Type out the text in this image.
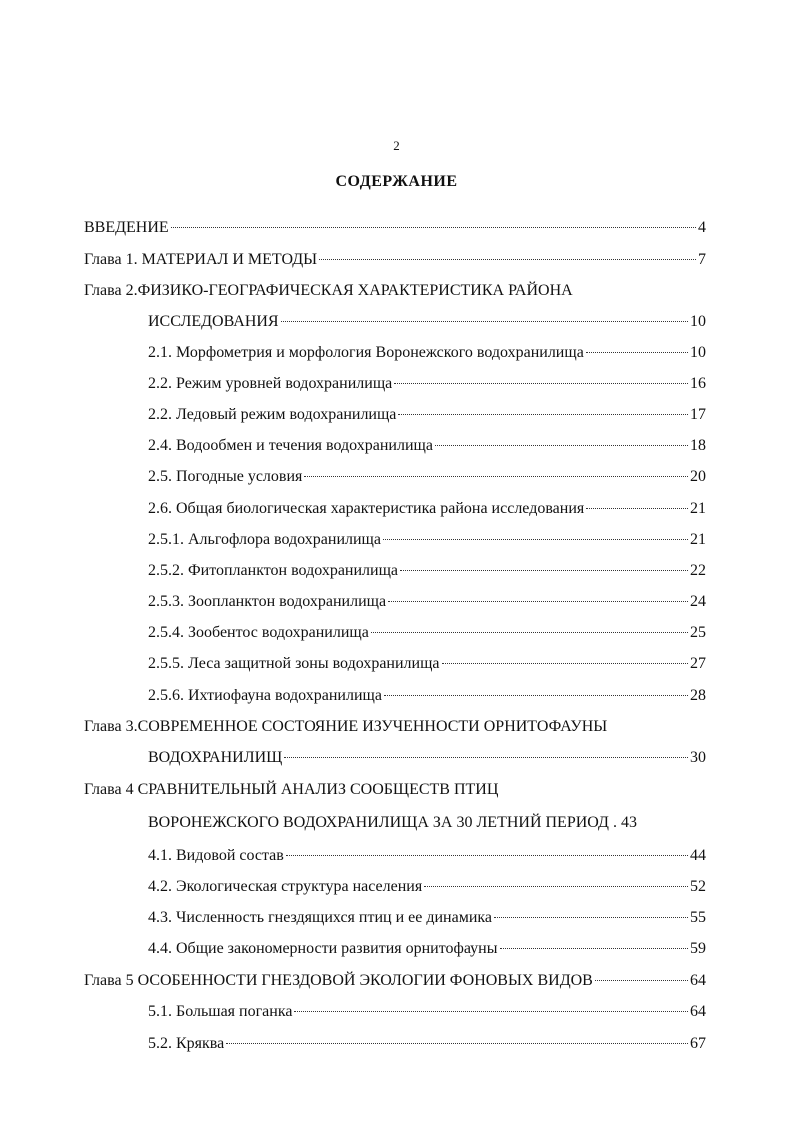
2
СОДЕРЖАНИЕ
ВВЕДЕНИЕ	4
Глава 1. МАТЕРИАЛ И МЕТОДЫ	7
Глава 2.ФИЗИКО-ГЕОГРАФИЧЕСКАЯ ХАРАКТЕРИСТИКА РАЙОНА
ИССЛЕДОВАНИЯ	10
2.1. Морфометрия и морфология Воронежского водохранилища	10
2.2. Режим уровней водохранилища	16
2.2. Ледовый режим водохранилища	17
2.4. Водообмен и течения водохранилища	18
2.5. Погодные условия	20
2.6. Общая биологическая характеристика района исследования	21
2.5.1. Альгофлора водохранилища	21
2.5.2. Фитопланктон водохранилища	22
2.5.3. Зоопланктон водохранилища	24
2.5.4. Зообентос водохранилища	25
2.5.5. Леса защитной зоны водохранилища	27
2.5.6. Ихтиофауна водохранилища	28
Глава 3.СОВРЕМЕННОЕ СОСТОЯНИЕ ИЗУЧЕННОСТИ ОРНИТОФАУНЫ
ВОДОХРАНИЛИЩ	30
Глава 4 СРАВНИТЕЛЬНЫЙ АНАЛИЗ СООБЩЕСТВ ПТИЦ
ВОРОНЕЖСКОГО ВОДОХРАНИЛИЩА ЗА 30 ЛЕТНИЙ ПЕРИОД . 43
4.1. Видовой состав	44
4.2. Экологическая структура населения	52
4.3. Численность гнездящихся птиц и ее динамика	55
4.4. Общие закономерности развития орнитофауны	59
Глава 5 ОСОБЕННОСТИ ГНЕЗДОВОЙ ЭКОЛОГИИ ФОНОВЫХ ВИДОВ	64
5.1. Большая поганка	64
5.2. Кряква	67
